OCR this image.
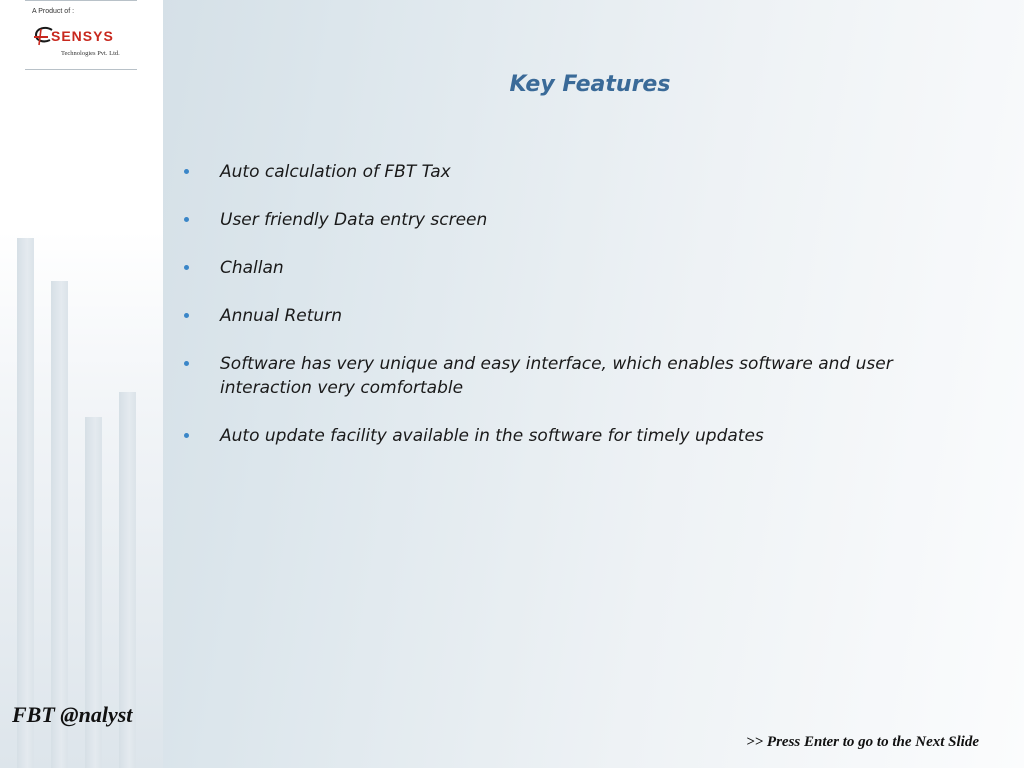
A Product of :

SENSYS

Technologies Pvt. Ltd.

FBT @nalyst

Key Features
Auto calculation of FBT Tax
User friendly Data entry screen
Challan
Annual Return
Software has very unique and easy interface, which enables software and user interaction very comfortable
Auto update facility available in the software for timely updates

>> Press Enter to go to the Next Slide
